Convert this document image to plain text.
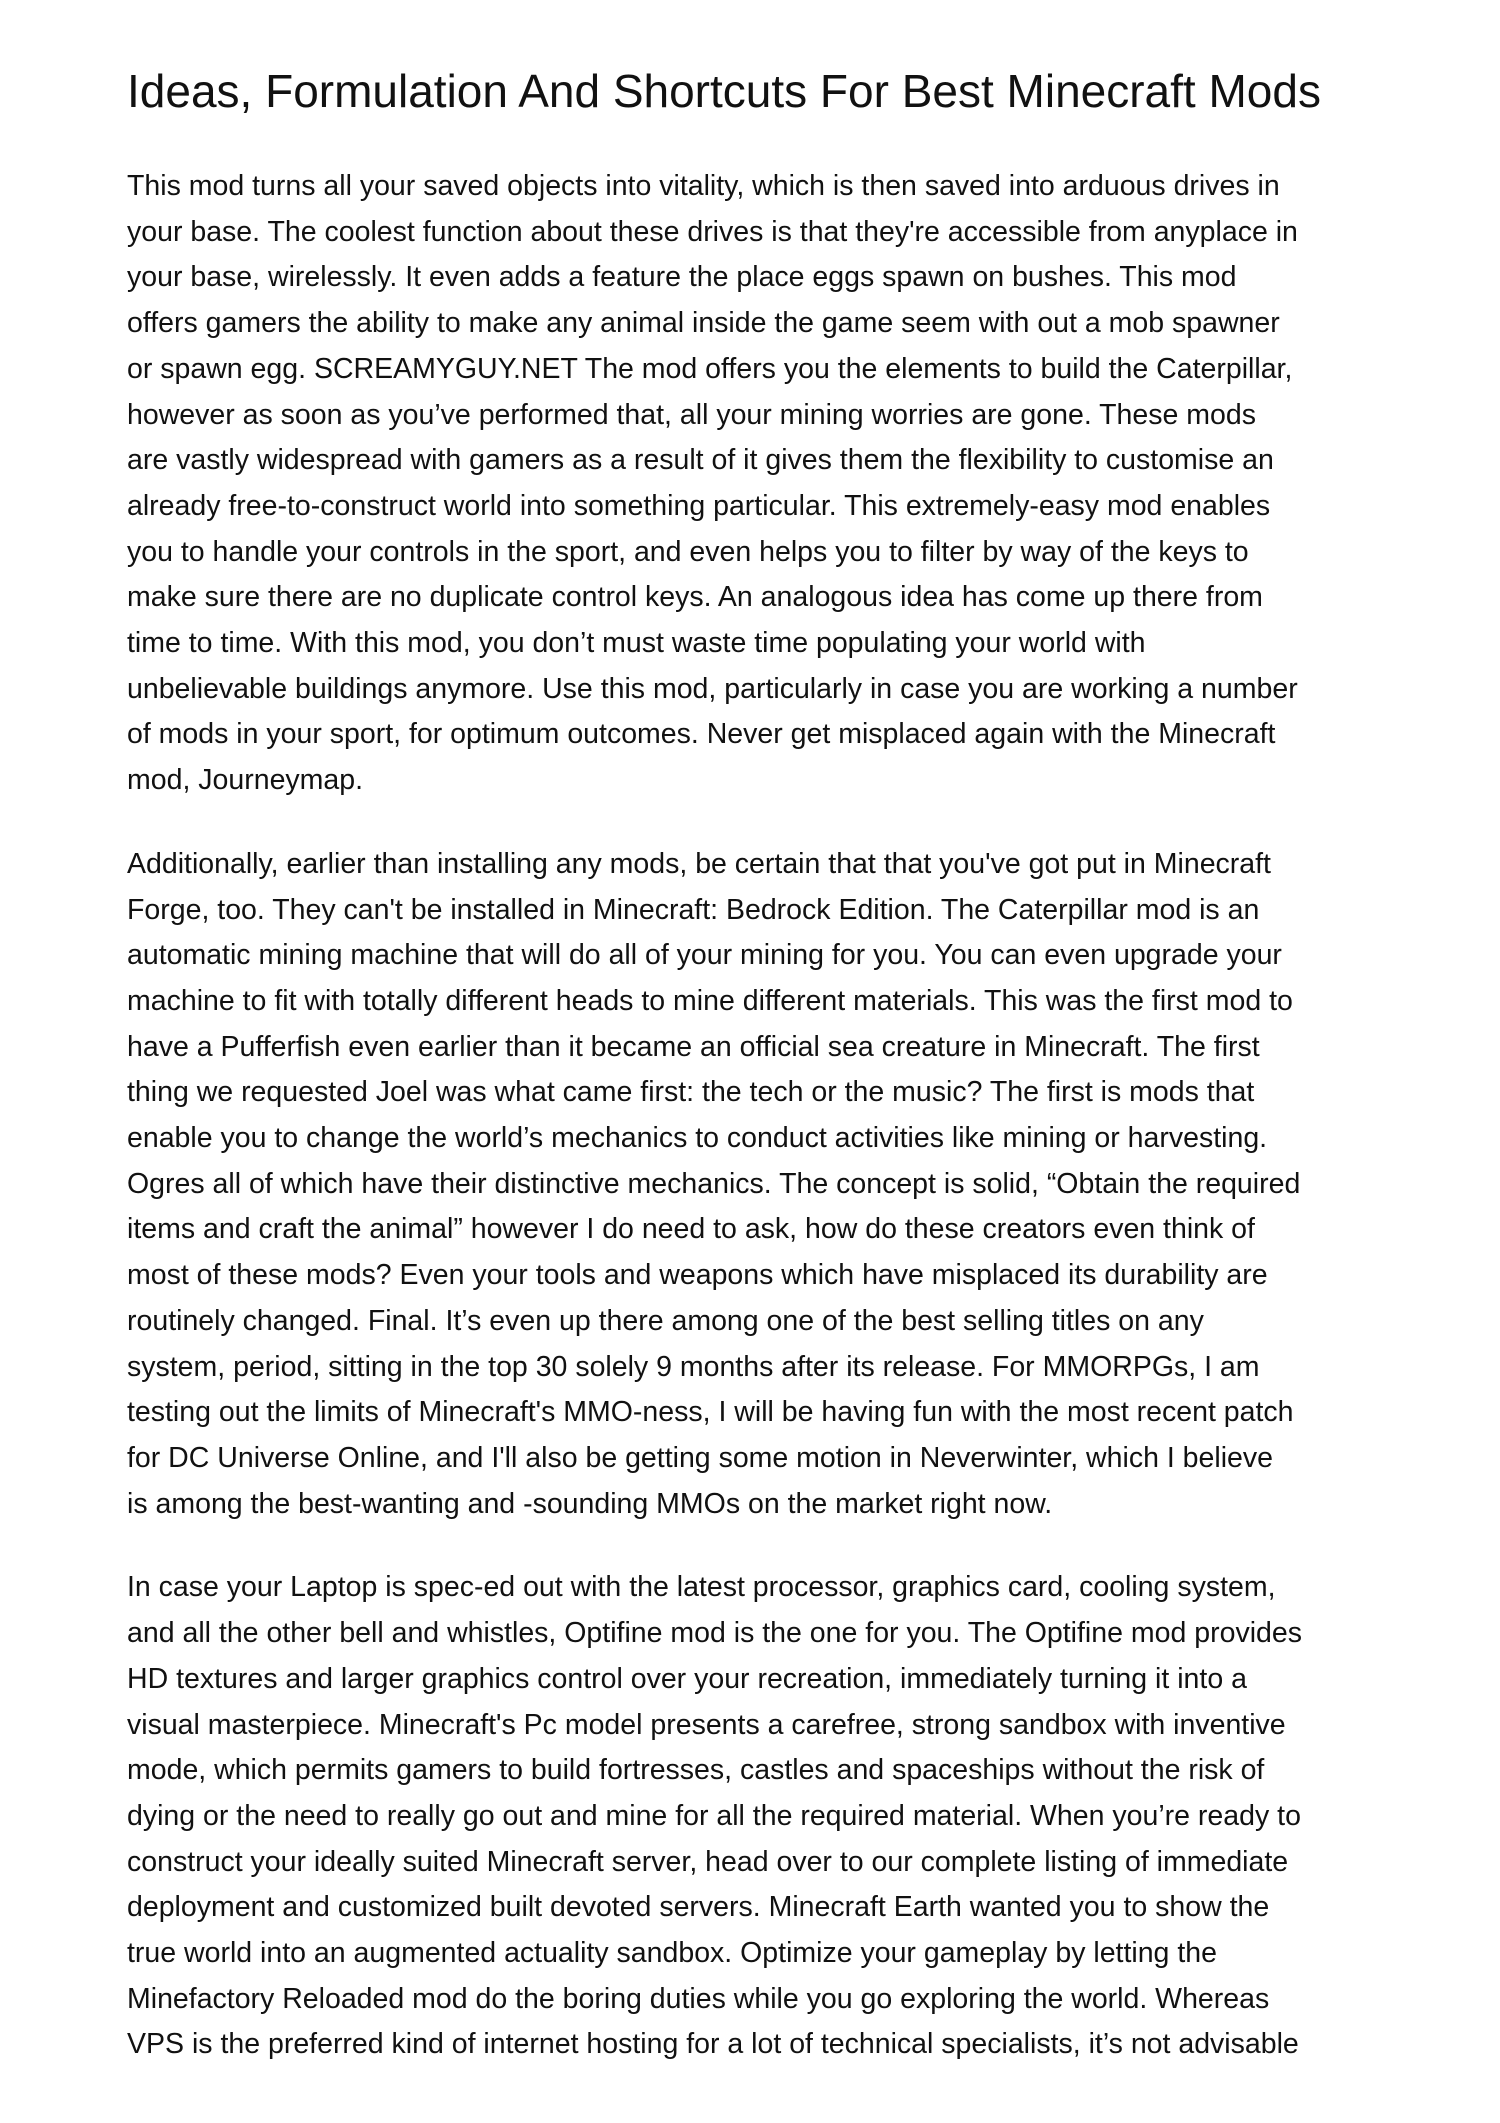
Ideas, Formulation And Shortcuts For Best Minecraft Mods

This mod turns all your saved objects into vitality, which is then saved into arduous drives in
your base. The coolest function about these drives is that they're accessible from anyplace in
your base, wirelessly. It even adds a feature the place eggs spawn on bushes. This mod
offers gamers the ability to make any animal inside the game seem with out a mob spawner
or spawn egg. SCREAMYGUY.NET The mod offers you the elements to build the Caterpillar,
however as soon as you’ve performed that, all your mining worries are gone. These mods
are vastly widespread with gamers as a result of it gives them the flexibility to customise an
already free-to-construct world into something particular. This extremely-easy mod enables
you to handle your controls in the sport, and even helps you to filter by way of the keys to
make sure there are no duplicate control keys. An analogous idea has come up there from
time to time. With this mod, you don’t must waste time populating your world with
unbelievable buildings anymore. Use this mod, particularly in case you are working a number
of mods in your sport, for optimum outcomes. Never get misplaced again with the Minecraft
mod, Journeymap.

Additionally, earlier than installing any mods, be certain that that you've got put in Minecraft
Forge, too. They can't be installed in Minecraft: Bedrock Edition. The Caterpillar mod is an
automatic mining machine that will do all of your mining for you. You can even upgrade your
machine to fit with totally different heads to mine different materials. This was the first mod to
have a Pufferfish even earlier than it became an official sea creature in Minecraft. The first
thing we requested Joel was what came first: the tech or the music? The first is mods that
enable you to change the world’s mechanics to conduct activities like mining or harvesting.
Ogres all of which have their distinctive mechanics. The concept is solid, “Obtain the required
items and craft the animal” however I do need to ask, how do these creators even think of
most of these mods? Even your tools and weapons which have misplaced its durability are
routinely changed. Final. It’s even up there among one of the best selling titles on any
system, period, sitting in the top 30 solely 9 months after its release. For MMORPGs, I am
testing out the limits of Minecraft's MMO-ness, I will be having fun with the most recent patch
for DC Universe Online, and I'll also be getting some motion in Neverwinter, which I believe
is among the best-wanting and -sounding MMOs on the market right now.

In case your Laptop is spec-ed out with the latest processor, graphics card, cooling system,
and all the other bell and whistles, Optifine mod is the one for you. The Optifine mod provides
HD textures and larger graphics control over your recreation, immediately turning it into a
visual masterpiece. Minecraft's Pc model presents a carefree, strong sandbox with inventive
mode, which permits gamers to build fortresses, castles and spaceships without the risk of
dying or the need to really go out and mine for all the required material. When you’re ready to
construct your ideally suited Minecraft server, head over to our complete listing of immediate
deployment and customized built devoted servers. Minecraft Earth wanted you to show the
true world into an augmented actuality sandbox. Optimize your gameplay by letting the
Minefactory Reloaded mod do the boring duties while you go exploring the world. Whereas
VPS is the preferred kind of internet hosting for a lot of technical specialists, it’s not advisable
